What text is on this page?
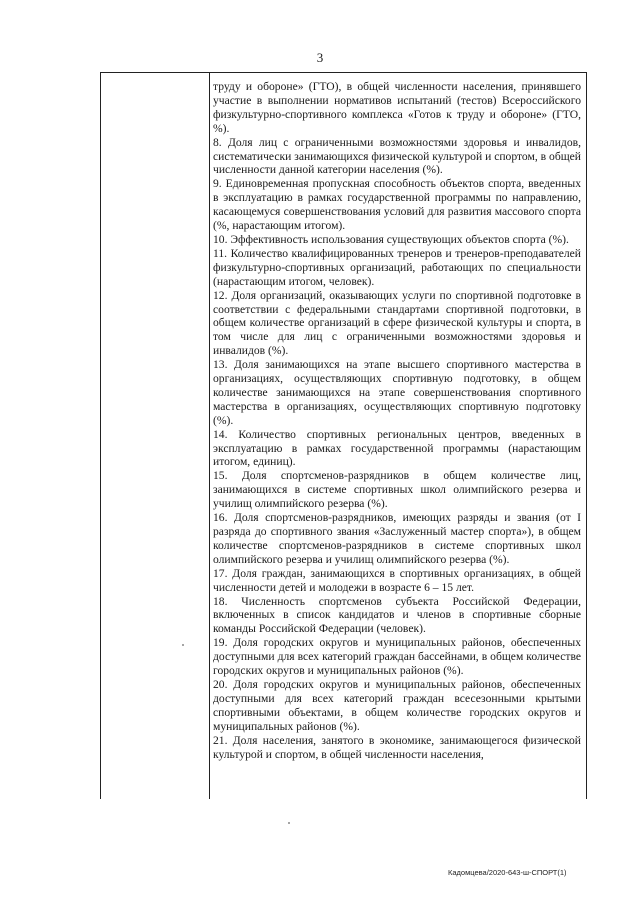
3

труду и обороне» (ГТО), в общей численности населения, принявшего участие в выполнении нормативов испытаний (тестов) Всероссийского физкультурно-спортивного комплекса «Готов к труду и обороне» (ГТО, %).

8. Доля лиц с ограниченными возможностями здоровья и инвалидов, систематически занимающихся физической культурой и спортом, в общей численности данной категории населения (%).

9. Единовременная пропускная способность объектов спорта, введенных в эксплуатацию в рамках государственной программы по направлению, касающемуся совершенствования условий для развития массового спорта (%, нарастающим итогом).

10. Эффективность использования существующих объектов спорта (%).

11. Количество квалифицированных тренеров и тренеров-преподавателей физкультурно-спортивных организаций, работающих по специальности (нарастающим итогом, человек).

12. Доля организаций, оказывающих услуги по спортивной подготовке в соответствии с федеральными стандартами спортивной подготовки, в общем количестве организаций в сфере физической культуры и спорта, в том числе для лиц с ограниченными возможностями здоровья и инвалидов (%).

13. Доля занимающихся на этапе высшего спортивного мастерства в организациях, осуществляющих спортивную подготовку, в общем количестве занимающихся на этапе совершенствования спортивного мастерства в организациях, осуществляющих спортивную подготовку (%).

14. Количество спортивных региональных центров, введенных в эксплуатацию в рамках государственной программы (нарастающим итогом, единиц).

15. Доля спортсменов-разрядников в общем количестве лиц, занимающихся в системе спортивных школ олимпийского резерва и училищ олимпийского резерва (%).

16. Доля спортсменов-разрядников, имеющих разряды и звания (от I разряда до спортивного звания «Заслуженный мастер спорта»), в общем количестве спортсменов-разрядников в системе спортивных школ олимпийского резерва и училищ олимпийского резерва (%).

17. Доля граждан, занимающихся в спортивных организациях, в общей численности детей и молодежи в возрасте 6 – 15 лет.

18. Численность спортсменов субъекта Российской Федерации, включенных в список кандидатов и членов в спортивные сборные команды Российской Федерации (человек).

19. Доля городских округов и муниципальных районов, обеспеченных доступными для всех категорий граждан бассейнами, в общем количестве городских округов и муниципальных районов (%).

20. Доля городских округов и муниципальных районов, обеспеченных доступными для всех категорий граждан всесезонными крытыми спортивными объектами, в общем количестве городских округов и муниципальных районов (%).

21. Доля населения, занятого в экономике, занимающегося физической культурой и спортом, в общей численности населения,

Кадомцева/2020-643-ш-СПОРТ(1)
